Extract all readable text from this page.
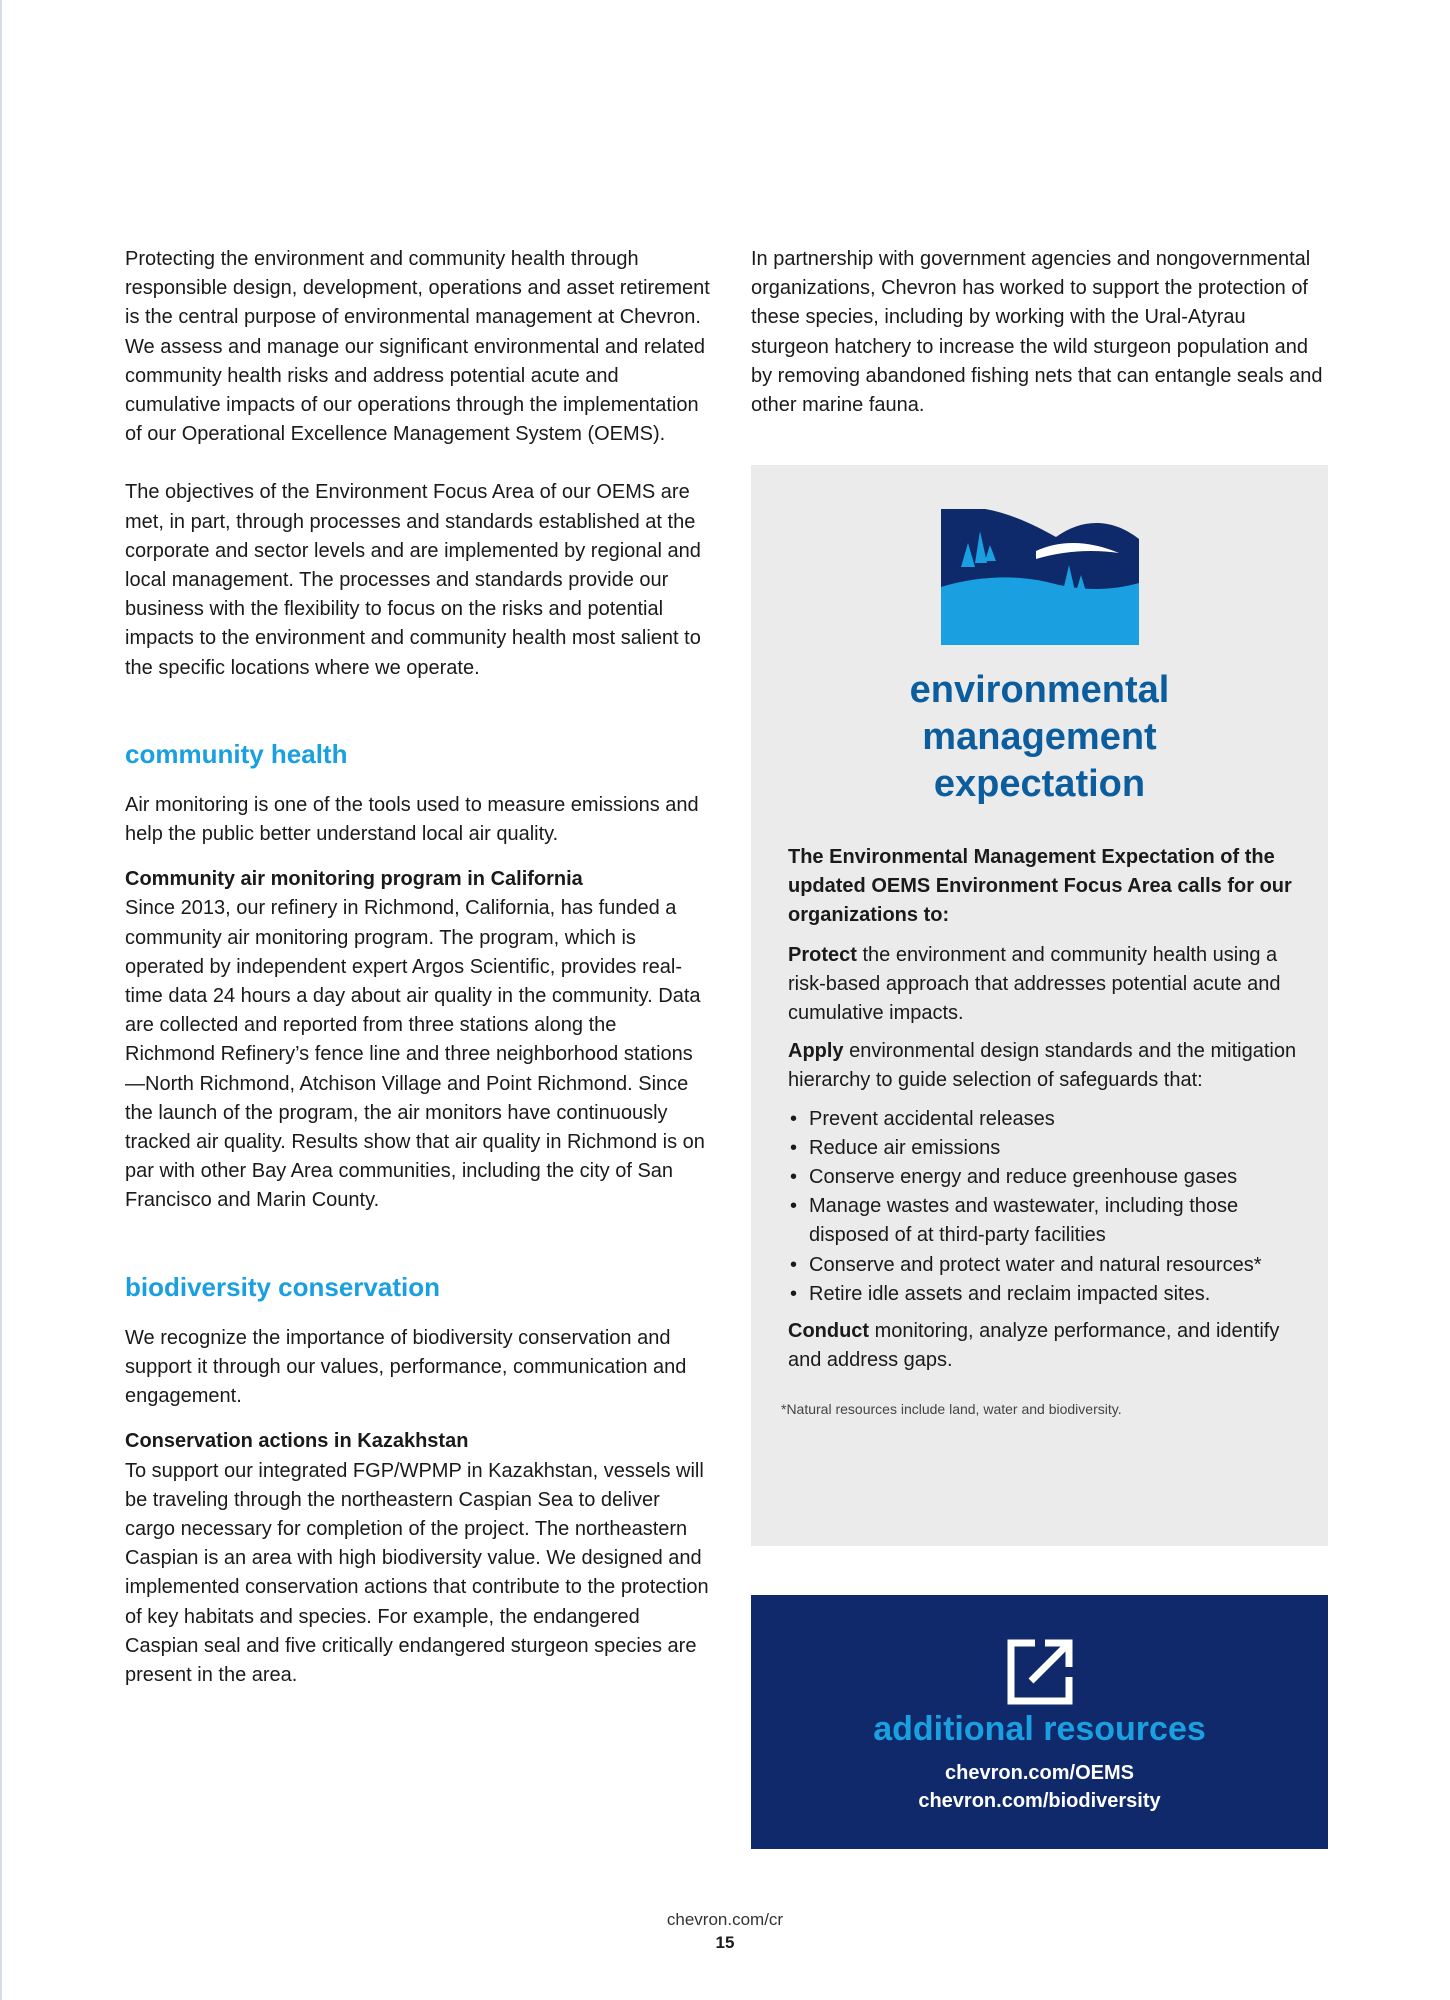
Protecting the environment and community health through responsible design, development, operations and asset retirement is the central purpose of environmental management at Chevron. We assess and manage our significant environmental and related community health risks and address potential acute and cumulative impacts of our operations through the implementation of our Operational Excellence Management System (OEMS).

The objectives of the Environment Focus Area of our OEMS are met, in part, through processes and standards established at the corporate and sector levels and are implemented by regional and local management. The processes and standards provide our business with the flexibility to focus on the risks and potential impacts to the environment and community health most salient to the specific locations where we operate.

community health

Air monitoring is one of the tools used to measure emissions and help the public better understand local air quality.

Community air monitoring program in California

Since 2013, our refinery in Richmond, California, has funded a community air monitoring program. The program, which is operated by independent expert Argos Scientific, provides real-time data 24 hours a day about air quality in the community. Data are collected and reported from three stations along the Richmond Refinery’s fence line and three neighborhood stations—North Richmond, Atchison Village and Point Richmond. Since the launch of the program, the air monitors have continuously tracked air quality. Results show that air quality in Richmond is on par with other Bay Area communities, including the city of San Francisco and Marin County.

biodiversity conservation

We recognize the importance of biodiversity conservation and support it through our values, performance, communication and engagement.

Conservation actions in Kazakhstan

To support our integrated FGP/WPMP in Kazakhstan, vessels will be traveling through the northeastern Caspian Sea to deliver cargo necessary for completion of the project. The northeastern Caspian is an area with high biodiversity value. We designed and implemented conservation actions that contribute to the protection of key habitats and species. For example, the endangered Caspian seal and five critically endangered sturgeon species are present in the area.

In partnership with government agencies and nongovernmental organizations, Chevron has worked to support the protection of these species, including by working with the Ural-Atyrau sturgeon hatchery to increase the wild sturgeon population and by removing abandoned fishing nets that can entangle seals and other marine fauna.

environmental
management
expectation

The Environmental Management Expectation of the updated OEMS Environment Focus Area calls for our organizations to:

Protect the environment and community health using a risk-based approach that addresses potential acute and cumulative impacts.

Apply environmental design standards and the mitigation hierarchy to guide selection of safeguards that:

• Prevent accidental releases
• Reduce air emissions
• Conserve energy and reduce greenhouse gases
• Manage wastes and wastewater, including those disposed of at third-party facilities
• Conserve and protect water and natural resources*
• Retire idle assets and reclaim impacted sites.

Conduct monitoring, analyze performance, and identify and address gaps.

*Natural resources include land, water and biodiversity.
additional resources
chevron.com/OEMS
chevron.com/biodiversity
chevron.com/cr
15
